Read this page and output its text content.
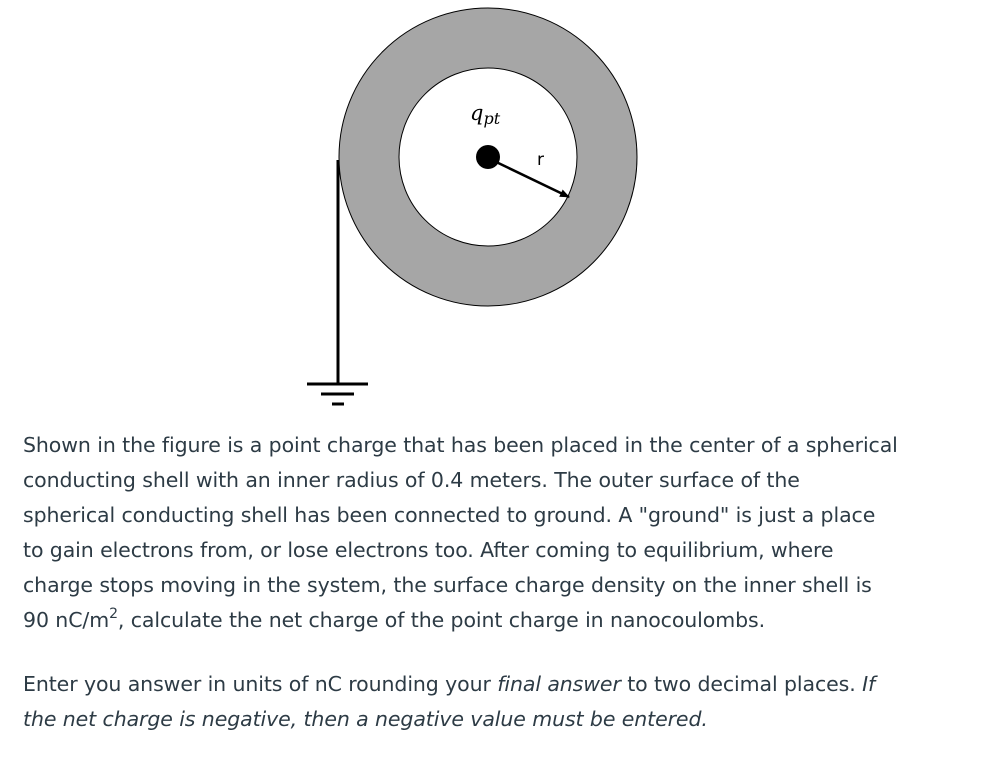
qpt
r

Shown in the figure is a point charge that has been placed in the center of a spherical
conducting shell with an inner radius of 0.4 meters. The outer surface of the
spherical conducting shell has been connected to ground. A "ground" is just a place
to gain electrons from, or lose electrons too. After coming to equilibrium, where
charge stops moving in the system, the surface charge density on the inner shell is
90 $nC/m^2$, calculate the net charge of the point charge in nanocoulombs.

Enter you answer in units of nC rounding your final answer to two decimal places. If
the net charge is negative, then a negative value must be entered.
